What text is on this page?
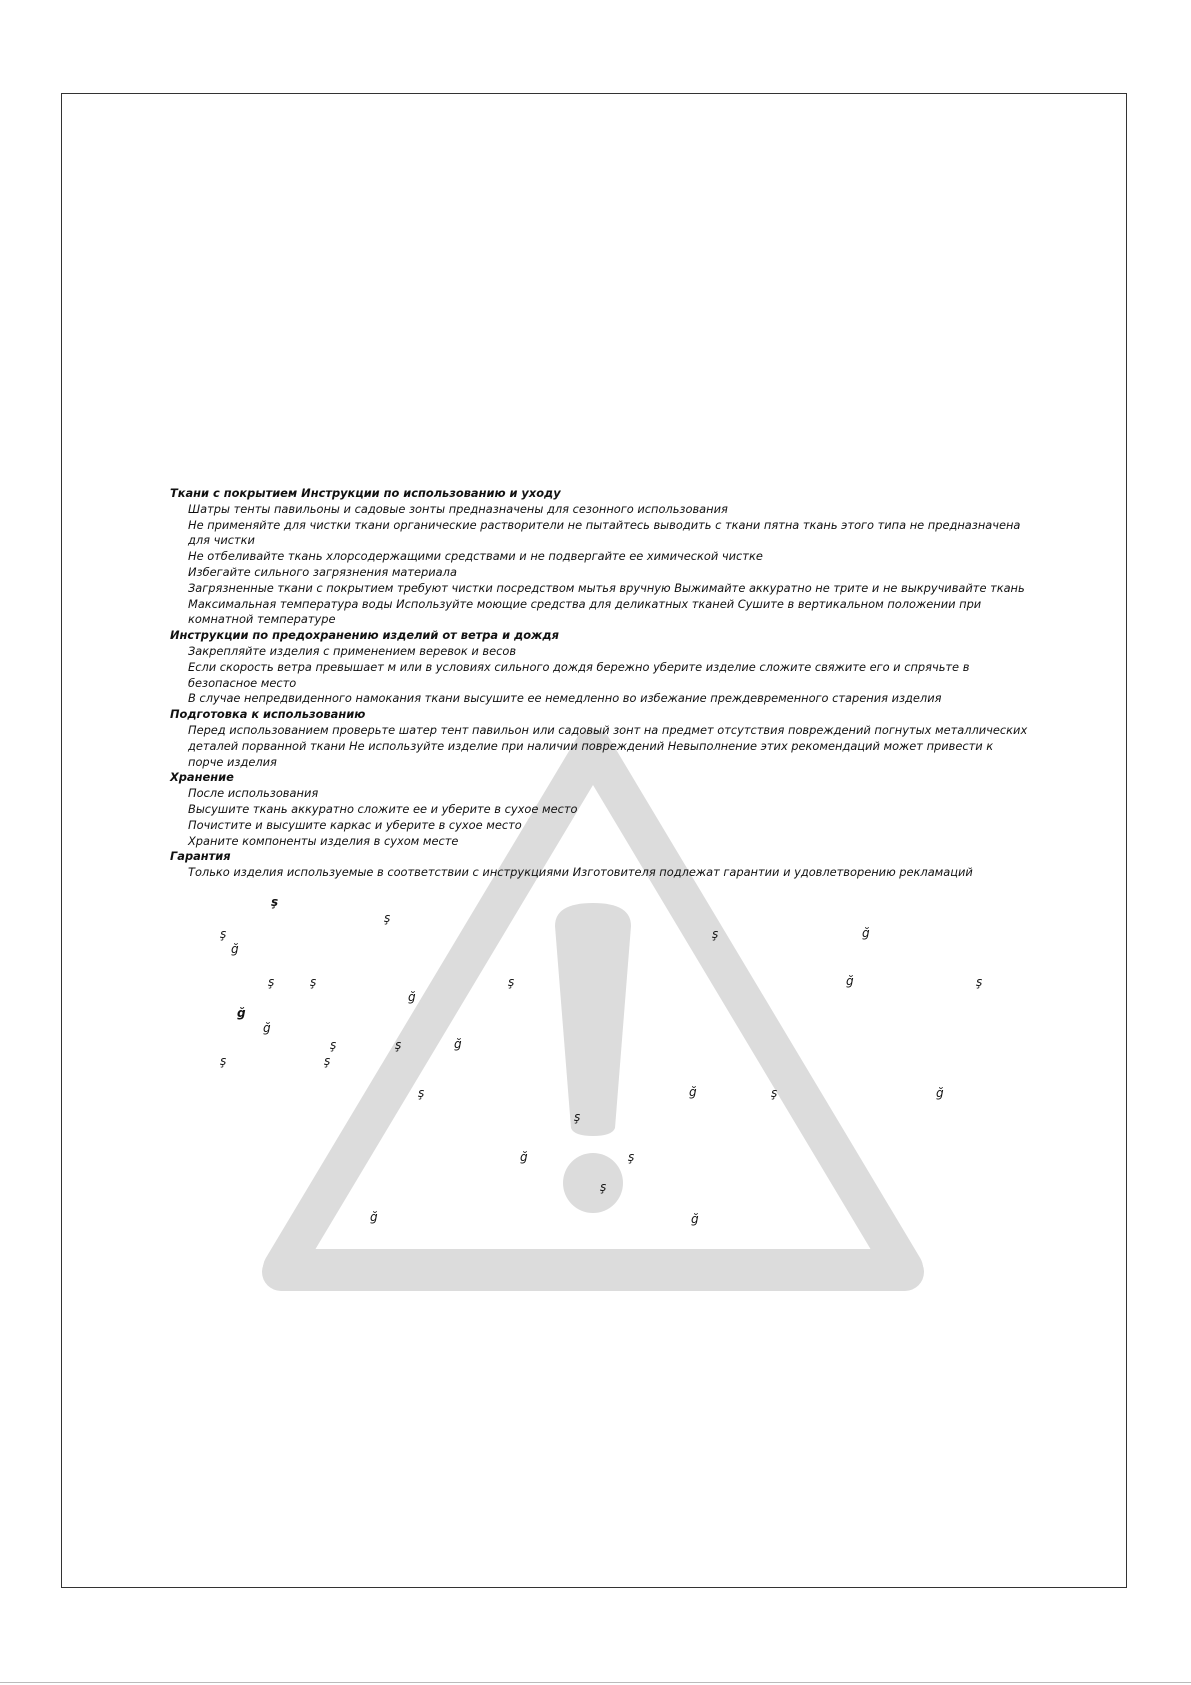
Ткани с покрытием Инструкции по использованию и уходу

Шатры тенты павильоны и садовые зонты предназначены для сезонного использования

Не применяйте для чистки ткани органические растворители не пытайтесь выводить с ткани пятна ткань этого типа не предназначена для чистки

Не отбеливайте ткань хлорсодержащими средствами и не подвергайте ее химической чистке

Избегайте сильного загрязнения материала

Загрязненные ткани с покрытием требуют чистки посредством мытья вручную Выжимайте аккуратно не трите и не выкручивайте ткань

Максимальная температура воды Используйте моющие средства для деликатных тканей Сушите в вертикальном положении при комнатной температуре

Инструкции по предохранению изделий от ветра и дождя

Закрепляйте изделия с применением веревок и весов

Если скорость ветра превышает м или в условиях сильного дождя бережно уберите изделие сложите свяжите его и спрячьте в безопасное место

В случае непредвиденного намокания ткани высушите ее немедленно во избежание преждевременного старения изделия

Подготовка к использованию

Перед использованием проверьте шатер тент павильон или садовый зонт на предмет отсутствия повреждений погнутых металлических деталей порванной ткани Не используйте изделие при наличии повреждений Невыполнение этих рекомендаций может привести к порче изделия

Хранение

После использования

Высушите ткань аккуратно сложите ее и уберите в сухое место

Почистите и высушите каркас и уберите в сухое место

Храните компоненты изделия в сухом месте

Гарантия

Только изделия используемые в соответствии с инструкциями Изготовителя подлежат гарантии и удовлетворению рекламаций

ş
ş
ş
ğ
ş	ğ
ğ
ş	ş	ğ
ş
ğ
ş
ğ
ğ
ş	ş
ğ
ş	ş
ğ
ş
ğ
ş	ğ
ş
ş
ğ
ş
